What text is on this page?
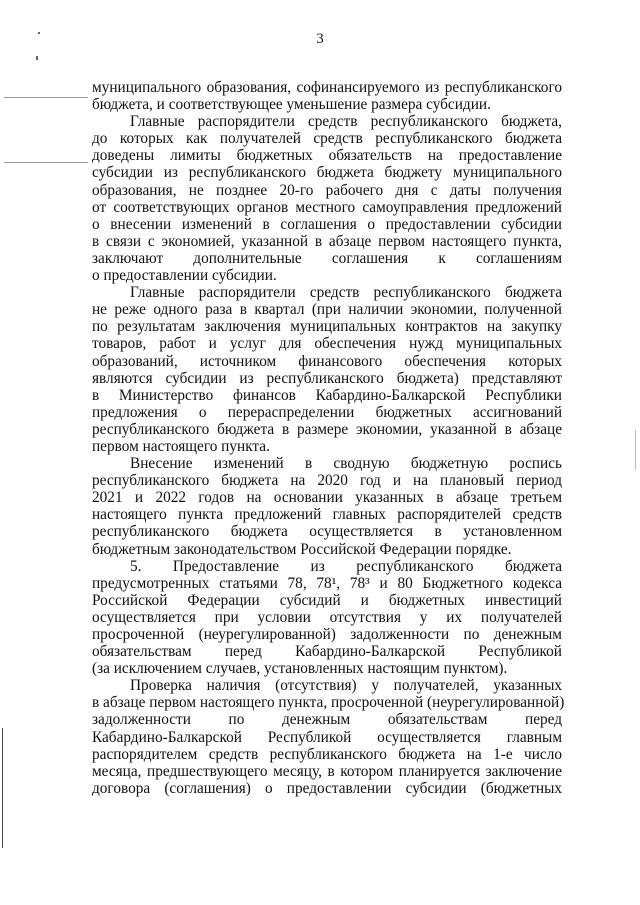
3
муниципального образования, софинансируемого из республиканского
бюджета, и соответствующее уменьшение размера субсидии.
Главные распорядители средств республиканского бюджета,
до которых как получателей средств республиканского бюджета
доведены лимиты бюджетных обязательств на предоставление
субсидии из республиканского бюджета бюджету муниципального
образования, не позднее 20-го рабочего дня с даты получения
от соответствующих органов местного самоуправления предложений
о внесении изменений в соглашения о предоставлении субсидии
в связи с экономией, указанной в абзаце первом настоящего пункта,
заключают дополнительные соглашения к соглашениям
о предоставлении субсидии.
Главные распорядители средств республиканского бюджета
не реже одного раза в квартал (при наличии экономии, полученной
по результатам заключения муниципальных контрактов на закупку
товаров, работ и услуг для обеспечения нужд муниципальных
образований, источником финансового обеспечения которых
являются субсидии из республиканского бюджета) представляют
в Министерство финансов Кабардино-Балкарской Республики
предложения о перераспределении бюджетных ассигнований
республиканского бюджета в размере экономии, указанной в абзаце
первом настоящего пункта.
Внесение изменений в сводную бюджетную роспись
республиканского бюджета на 2020 год и на плановый период
2021 и 2022 годов на основании указанных в абзаце третьем
настоящего пункта предложений главных распорядителей средств
республиканского бюджета осуществляется в установленном
бюджетным законодательством Российской Федерации порядке.
5. Предоставление из республиканского бюджета
предусмотренных статьями 78, 78¹, 78³ и 80 Бюджетного кодекса
Российской Федерации субсидий и бюджетных инвестиций
осуществляется при условии отсутствия у их получателей
просроченной (неурегулированной) задолженности по денежным
обязательствам перед Кабардино-Балкарской Республикой
(за исключением случаев, установленных настоящим пунктом).
Проверка наличия (отсутствия) у получателей, указанных
в абзаце первом настоящего пункта, просроченной (неурегулированной)
задолженности по денежным обязательствам перед
Кабардино-Балкарской Республикой осуществляется главным
распорядителем средств республиканского бюджета на 1-е число
месяца, предшествующего месяцу, в котором планируется заключение
договора (соглашения) о предоставлении субсидии (бюджетных
